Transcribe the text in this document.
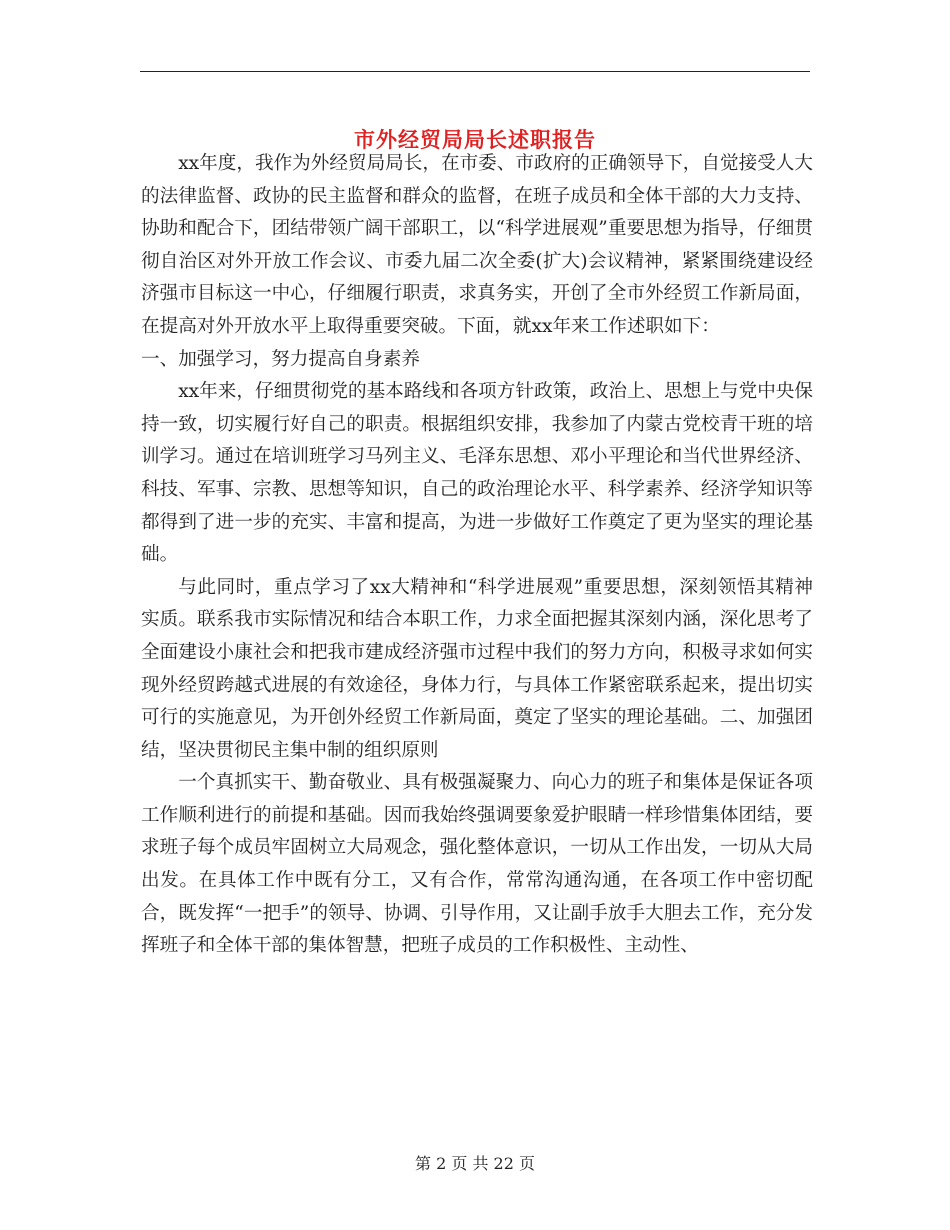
市外经贸局局长述职报告

xx年度，我作为外经贸局局长，在市委、市政府的正确领导下，自觉接受人大的法律监督、政协的民主监督和群众的监督，在班子成员和全体干部的大力支持、协助和配合下，团结带领广阔干部职工，以“科学进展观”重要思想为指导，仔细贯彻自治区对外开放工作会议、市委九届二次全委(扩大)会议精神，紧紧围绕建设经济强市目标这一中心，仔细履行职责，求真务实，开创了全市外经贸工作新局面，在提高对外开放水平上取得重要突破。下面，就xx年来工作述职如下：

一、加强学习，努力提高自身素养

xx年来，仔细贯彻党的基本路线和各项方针政策，政治上、思想上与党中央保持一致，切实履行好自己的职责。根据组织安排，我参加了内蒙古党校青干班的培训学习。通过在培训班学习马列主义、毛泽东思想、邓小平理论和当代世界经济、科技、军事、宗教、思想等知识，自己的政治理论水平、科学素养、经济学知识等都得到了进一步的充实、丰富和提高，为进一步做好工作奠定了更为坚实的理论基础。

与此同时，重点学习了xx大精神和“科学进展观”重要思想，深刻领悟其精神实质。联系我市实际情况和结合本职工作，力求全面把握其深刻内涵，深化思考了全面建设小康社会和把我市建成经济强市过程中我们的努力方向，积极寻求如何实现外经贸跨越式进展的有效途径，身体力行，与具体工作紧密联系起来，提出切实可行的实施意见，为开创外经贸工作新局面，奠定了坚实的理论基础。二、加强团结，坚决贯彻民主集中制的组织原则

一个真抓实干、勤奋敬业、具有极强凝聚力、向心力的班子和集体是保证各项工作顺利进行的前提和基础。因而我始终强调要象爱护眼睛一样珍惜集体团结，要求班子每个成员牢固树立大局观念，强化整体意识，一切从工作出发，一切从大局出发。在具体工作中既有分工，又有合作，常常沟通沟通，在各项工作中密切配合，既发挥“一把手”的领导、协调、引导作用，又让副手放手大胆去工作，充分发挥班子和全体干部的集体智慧，把班子成员的工作积极性、主动性、

第 2 页 共 22 页
